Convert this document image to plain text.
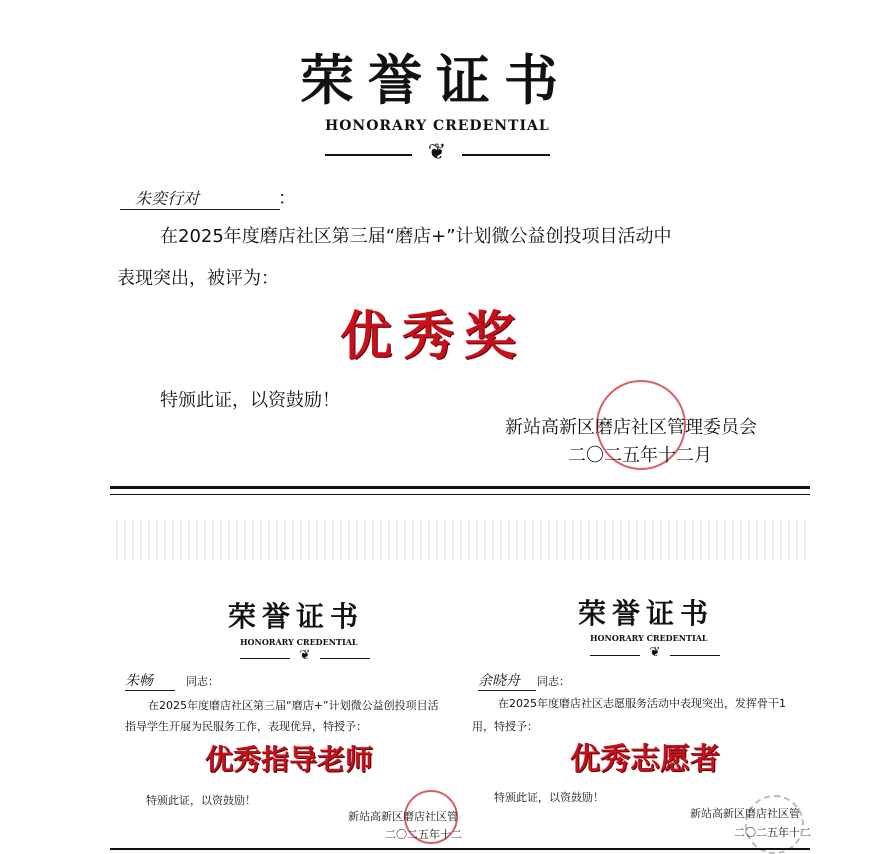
荣誉证书
HONORARY CREDENTIAL
❦
朱奕行对	：
在2025年度磨店社区第三届“磨店+”计划微公益创投项目活动中
表现突出，被评为：
优秀奖
特颁此证，以资鼓励！
新站高新区磨店社区管理委员会
二〇二五年十二月
荣誉证书
HONORARY CREDENTIAL
❦
朱畅	同志：
在2025年度磨店社区第三届“磨店+”计划微公益创投项目活
指导学生开展为民服务工作，表现优异，特授予：
优秀指导老师
特颁此证，以资鼓励！
新站高新区磨店社区管
二〇二五年十二
荣誉证书
HONORARY CREDENTIAL
❦
余晓舟	同志：
在2025年度磨店社区志愿服务活动中表现突出，发挥骨干1
用，特授予：
优秀志愿者
特颁此证，以资鼓励！
新站高新区磨店社区管
二〇二五年十二
